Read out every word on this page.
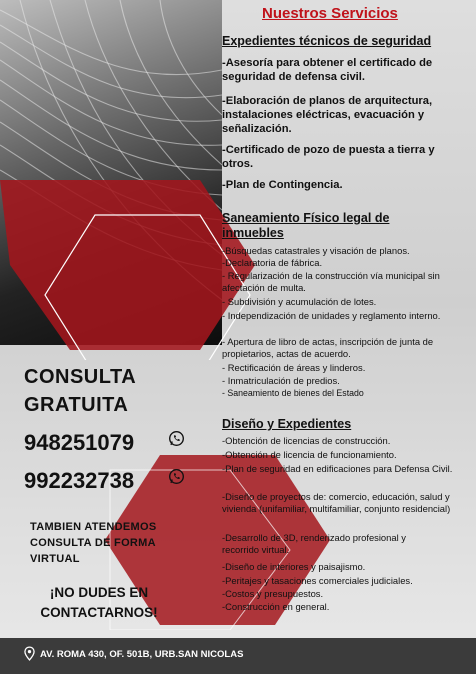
Nuestros Servicios
Expedientes técnicos de seguridad
-Asesoría para obtener el certificado de seguridad de defensa civil.
-Elaboración de planos de arquitectura, instalaciones eléctricas, evacuación y señalización.
-Certificado de pozo de puesta a tierra y otros.
-Plan de Contingencia.
Saneamiento Físico legal de
inmuebles
-Búsquedas catastrales y visación de planos.
-Declaratoria de fábrica.
- Regularización de la construcción vía municipal sin afectación de multa.
- Subdivisión y acumulación de lotes.
- Independización de unidades y reglamento interno.
- Apertura de libro de actas, inscripción de junta de propietarios, actas de acuerdo.
- Rectificación de áreas y linderos.
- Inmatriculación de predios.
- Saneamiento de bienes del Estado
Diseño y Expedientes
-Obtención de licencias de construcción.
-Obtención de licencia de funcionamiento.
-Plan de seguridad en edificaciones para Defensa Civil.
-Diseño de proyectos de: comercio, educación, salud y vivienda (unifamiliar, multifamiliar, conjunto residencial)
-Desarrollo de 3D, renderizado profesional y recorrido virtual.
-Diseño de interiores y paisajismo.
-Peritajes y tasaciones comerciales judiciales.
-Costos y presupuestos.
-Construcción en general.
CONSULTA
GRATUITA
948251079
992232738
TAMBIEN ATENDEMOS
CONSULTA DE FORMA
VIRTUAL
¡NO DUDES EN
CONTACTARNOS!
AV. ROMA 430, OF. 501B, URB.SAN NICOLAS
